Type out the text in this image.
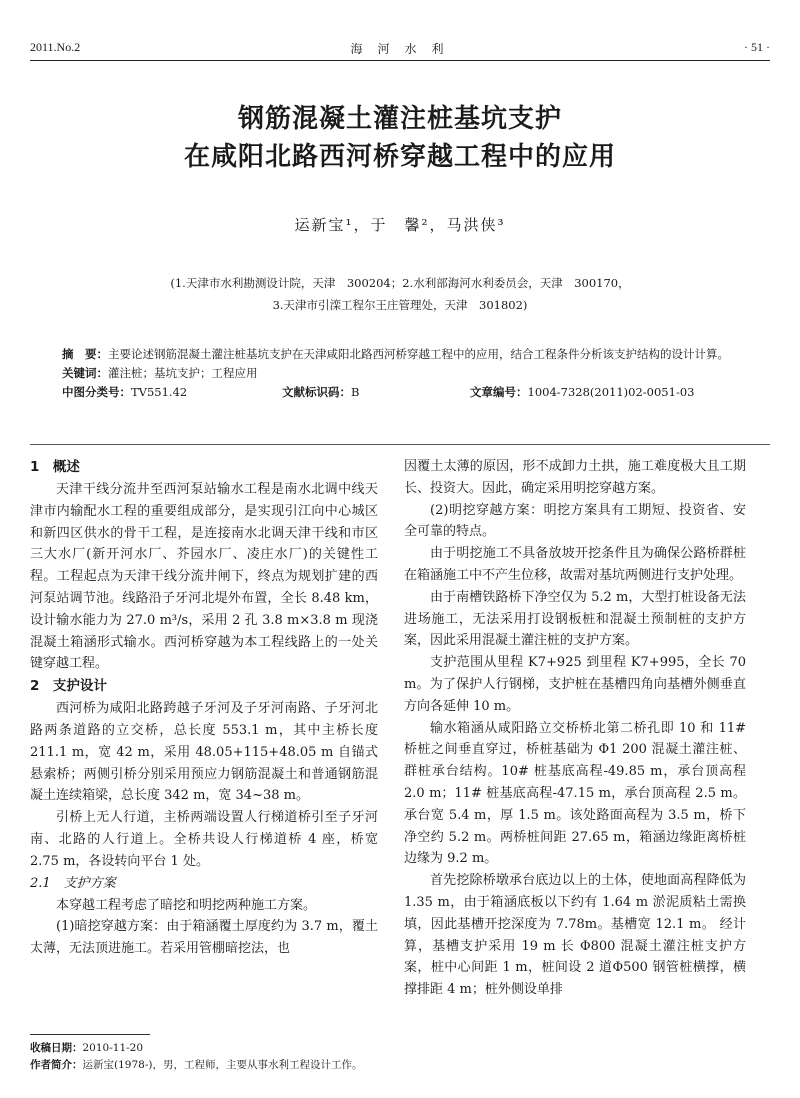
2011.No.2	海 河 水 利	· 51 ·
钢筋混凝土灌注桩基坑支护
在咸阳北路西河桥穿越工程中的应用
运新宝¹，于　馨²，马洪侠³
(1.天津市水利勘测设计院，天津　300204；2.水利部海河水利委员会，天津　300170，
3.天津市引滦工程尔王庄管理处，天津　301802)
摘　要：主要论述钢筋混凝土灌注桩基坑支护在天津咸阳北路西河桥穿越工程中的应用，结合工程条件分析该支护结构的设计计算。
关键词：灌注桩；基坑支护；工程应用
中图分类号：TV551.42	文献标识码：B	文章编号：1004-7328(2011)02-0051-03
1　概述

天津干线分流井至西河泵站输水工程是南水北调中线天津市内输配水工程的重要组成部分，是实现引江向中心城区和新四区供水的骨干工程，是连接南水北调天津干线和市区三大水厂(新开河水厂、芥园水厂、凌庄水厂)的关键性工程。工程起点为天津干线分流井闸下，终点为规划扩建的西河泵站调节池。线路沿子牙河北堤外布置，全长 8.48 km，设计输水能力为 27.0 m³/s，采用 2 孔 3.8 m×3.8 m 现浇混凝土箱涵形式输水。西河桥穿越为本工程线路上的一处关键穿越工程。

2　支护设计

西河桥为咸阳北路跨越子牙河及子牙河南路、子牙河北路两条道路的立交桥，总长度 553.1 m，其中主桥长度 211.1 m，宽 42 m，采用 48.05+115+48.05 m 自锚式悬索桥；两侧引桥分别采用预应力钢筋混凝土和普通钢筋混凝土连续箱梁，总长度 342 m，宽 34~38 m。

引桥上无人行道，主桥两端设置人行梯道桥引至子牙河南、北路的人行道上。全桥共设人行梯道桥 4 座，桥宽 2.75 m，各设转向平台 1 处。

2.1　支护方案

本穿越工程考虑了暗挖和明挖两种施工方案。

(1)暗挖穿越方案：由于箱涵覆土厚度约为 3.7 m，覆土太薄，无法顶进施工。若采用管棚暗挖法，也

因覆土太薄的原因，形不成卸力土拱，施工难度极大且工期长、投资大。因此，确定采用明挖穿越方案。

(2)明挖穿越方案：明挖方案具有工期短、投资省、安全可靠的特点。

由于明挖施工不具备放坡开挖条件且为确保公路桥群桩在箱涵施工中不产生位移，故需对基坑两侧进行支护处理。

由于南槽铁路桥下净空仅为 5.2 m，大型打桩设备无法进场施工，无法采用打设钢板桩和混凝土预制桩的支护方案，因此采用混凝土灌注桩的支护方案。

支护范围从里程 K7+925 到里程 K7+995，全长 70 m。为了保护人行钢梯，支护桩在基槽四角向基槽外侧垂直方向各延伸 10 m。

输水箱涵从咸阳路立交桥桥北第二桥孔即 10 和 11# 桥桩之间垂直穿过，桥桩基础为 Φ1 200 混凝土灌注桩、群桩承台结构。10# 桩基底高程-49.85 m，承台顶高程 2.0 m；11# 桩基底高程-47.15 m，承台顶高程 2.5 m。承台宽 5.4 m，厚 1.5 m。该处路面高程为 3.5 m，桥下净空约 5.2 m。两桥桩间距 27.65 m，箱涵边缘距离桥桩边缘为 9.2 m。

首先挖除桥墩承台底边以上的土体，使地面高程降低为 1.35 m，由于箱涵底板以下约有 1.64 m 淤泥质粘土需换填，因此基槽开挖深度为 7.78m。基槽宽 12.1 m。 经计算，基槽支护采用 19 m 长 Φ800 混凝土灌注桩支护方案，桩中心间距 1 m，桩间设 2 道Φ500 钢管桩横撑，横撑排距 4 m；桩外侧设单排

收稿日期：2010-11-20
作者简介：运新宝(1978-)，男，工程师，主要从事水利工程设计工作。
